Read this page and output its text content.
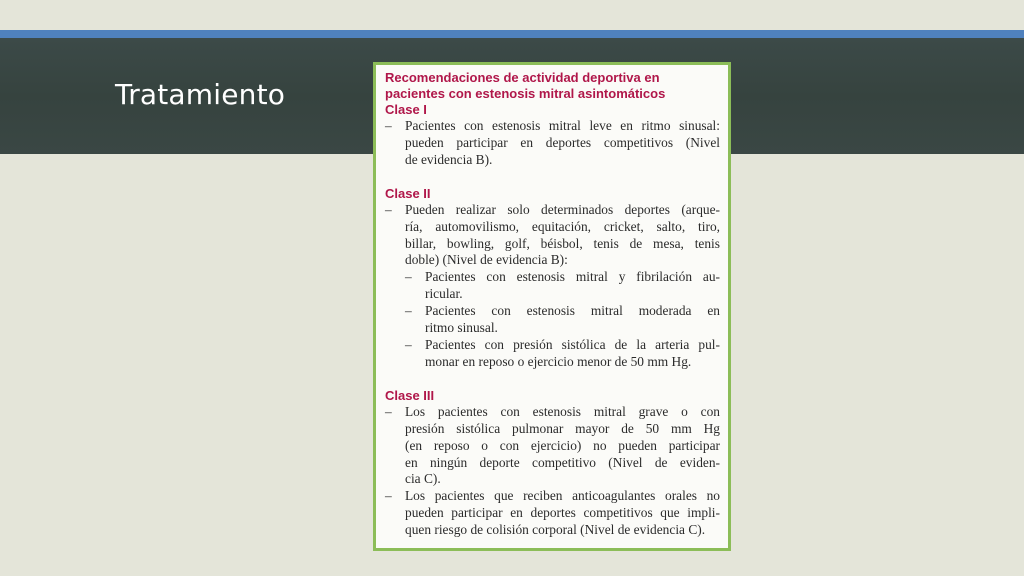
Tratamiento
Recomendaciones de actividad deportiva en
pacientes con estenosis mitral asintomáticos
Clase I
– Pacientes con estenosis mitral leve en ritmo sinusal:
pueden participar en deportes competitivos (Nivel
de evidencia B).
Clase II
– Pueden realizar solo determinados deportes (arque-
ría, automovilismo, equitación, cricket, salto, tiro,
billar, bowling, golf, béisbol, tenis de mesa, tenis
doble) (Nivel de evidencia B):
– Pacientes con estenosis mitral y fibrilación au-
ricular.
– Pacientes con estenosis mitral moderada en
ritmo sinusal.
– Pacientes con presión sistólica de la arteria pul-
monar en reposo o ejercicio menor de 50 mm Hg.
Clase III
– Los pacientes con estenosis mitral grave o con
presión sistólica pulmonar mayor de 50 mm Hg
(en reposo o con ejercicio) no pueden participar
en ningún deporte competitivo (Nivel de eviden-
cia C).
– Los pacientes que reciben anticoagulantes orales no
pueden participar en deportes competitivos que impli-
quen riesgo de colisión corporal (Nivel de evidencia C).
